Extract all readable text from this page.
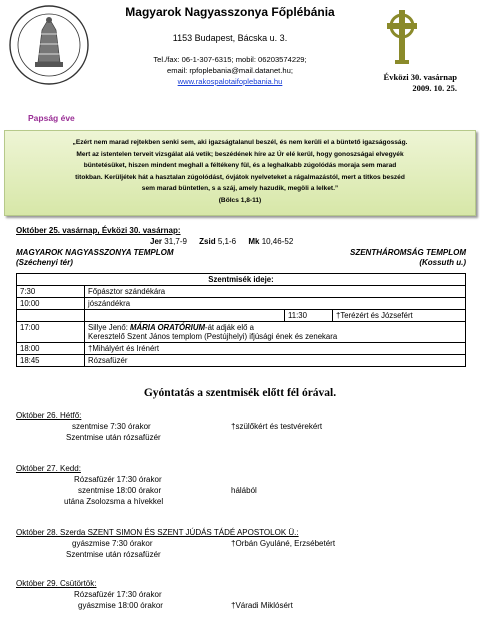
Magyarok Nagyasszonya Főplébánia
1153 Budapest, Bácska u. 3.
Tel./fax: 06-1-307-6315; mobil: 06203574229;
email: rpfoplebania@mail.datanet.hu;
www.rakospalotaifoplebania.hu	Évközi 30. vasárnap
2009. 10. 25.
Papság éve
„Ezért nem marad rejtekben senki sem, aki igazságtalanul beszél, és nem kerüli el a büntető igazságosság.
Mert az istentelen terveit vizsgálat alá vetik; beszédének híre az Úr elé kerül, hogy gonoszságai elvegyék
büntetésüket, hiszen mindent meghall a féltékeny fül, és a leghalkabb zúgolódás moraja sem marad
titokban. Kerüljétek hát a hasztalan zúgolódást, óvjátok nyelveteket a rágalmazástól, mert a titkos beszéd
sem marad büntetlen, s a száj, amely hazudik, megöli a lelket.”
(Bölcs 1,8-11)
Október 25. vasárnap, Évközi 30. vasárnap:
Jer 31,7-9 Zsid 5,1-6 Mk 10,46-52
MAGYAROK NAGYASSZONYA TEMPLOM
(Széchenyi tér)
SZENTHÁROMSÁG TEMPLOM
(Kossuth u.)
Szentmisék ideje:			
7:30	Főpásztor szándékára		
10:00	jószándékra		
		11:30	†Terézért és Józsefért
17:00	Sillye Jenő: MÁRIA ORATÓRIUM-át adják elő a
Keresztelő Szent János templom (Pestújhelyi) ifjúsági ének és zenekara		
18:00	†Mihályért és Irénért		
18:45	Rózsafüzér		
Gyóntatás a szentmisék előtt fél órával.
Október 26. Hétfő:
szentmise 7:30 órakor	†szülőkért és testvérekért
Szentmise után rózsafüzér
Október 27. Kedd:
Rózsafüzér 17:30 órakor
szentmise 18:00 órakor	hálából
utána Zsolozsma a hívekkel
Október 28. Szerda SZENT SIMON ÉS SZENT JÚDÁS TÁDÉ APOSTOLOK Ü.:
gyászmise 7:30 órakor	†Orbán Gyuláné, Erzsébetért
Szentmise után rózsafüzér
Október 29. Csütörtök:
Rózsafüzér 17:30 órakor
gyászmise 18:00 órakor	†Váradi Miklósért
